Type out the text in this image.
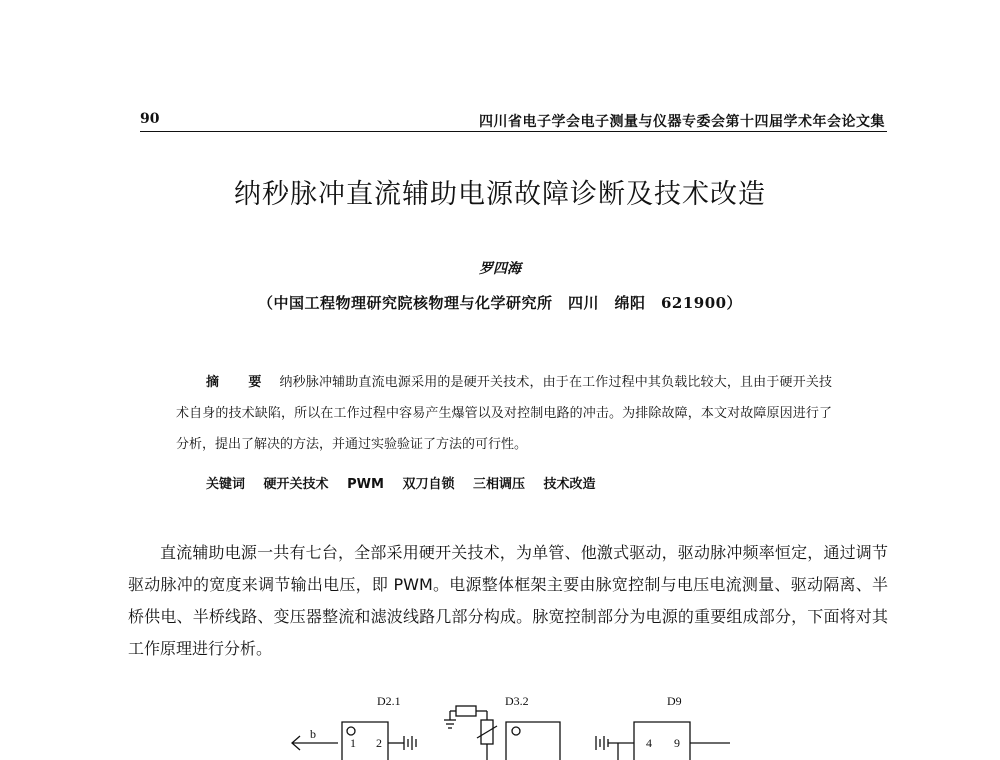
90	四川省电子学会电子测量与仪器专委会第十四届学术年会论文集
纳秒脉冲直流辅助电源故障诊断及技术改造
罗四海
（中国工程物理研究院核物理与化学研究所　四川　绵阳　621900）

摘　要 纳秒脉冲辅助直流电源采用的是硬开关技术，由于在工作过程中其负载比较大，且由于硬开关技术自身的技术缺陷，所以在工作过程中容易产生爆管以及对控制电路的冲击。为排除故障，本文对故障原因进行了分析，提出了解决的方法，并通过实验验证了方法的可行性。

关键词 硬开关技术 PWM 双刀自锁 三相调压 技术改造

直流辅助电源一共有七台，全部采用硬开关技术，为单管、他激式驱动，驱动脉冲频率恒定，通过调节驱动脉冲的宽度来调节输出电压，即 PWM。电源整体框架主要由脉宽控制与电压电流测量、驱动隔离、半桥供电、半桥线路、变压器整流和滤波线路几部分构成。脉宽控制部分为电源的重要组成部分，下面将对其工作原理进行分析。

D2.1	D3.2	D9
b
1 2	4 9
